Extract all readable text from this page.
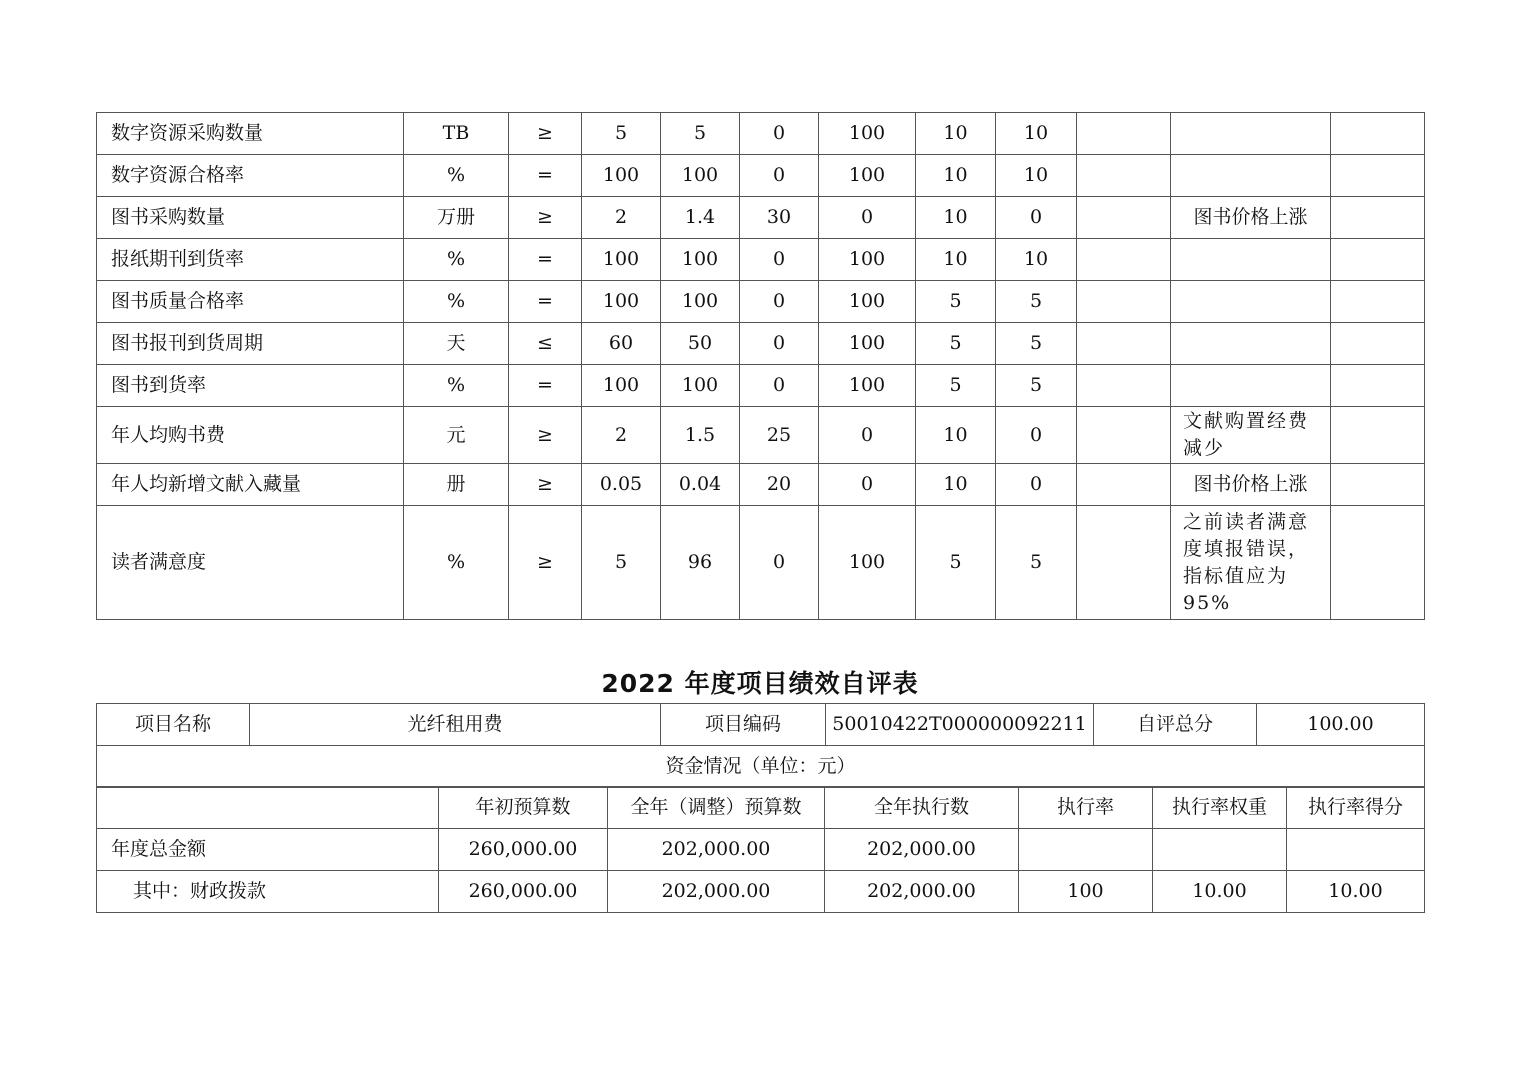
数字资源采购数量	TB	≥	5	5	0	100	10	10			
数字资源合格率	%	=	100	100	0	100	10	10			
图书采购数量	万册	≥	2	1.4	30	0	10	0		图书价格上涨	
报纸期刊到货率	%	=	100	100	0	100	10	10			
图书质量合格率	%	=	100	100	0	100	5	5			
图书报刊到货周期	天	≤	60	50	0	100	5	5			
图书到货率	%	=	100	100	0	100	5	5			
年人均购书费	元	≥	2	1.5	25	0	10	0		文献购置经费减少	
年人均新增文献入藏量	册	≥	0.05	0.04	20	0	10	0		图书价格上涨	
读者满意度	%	≥	5	96	0	100	5	5		之前读者满意度填报错误，指标值应为95%	
2022 年度项目绩效自评表
项目名称	光纤租用费	项目编码	50010422T000000092211	自评总分	100.00
资金情况（单位：元）
	年初预算数	全年（调整）预算数	全年执行数	执行率	执行率权重	执行率得分
年度总金额	260,000.00	202,000.00	202,000.00			
其中：财政拨款	260,000.00	202,000.00	202,000.00	100	10.00	10.00
